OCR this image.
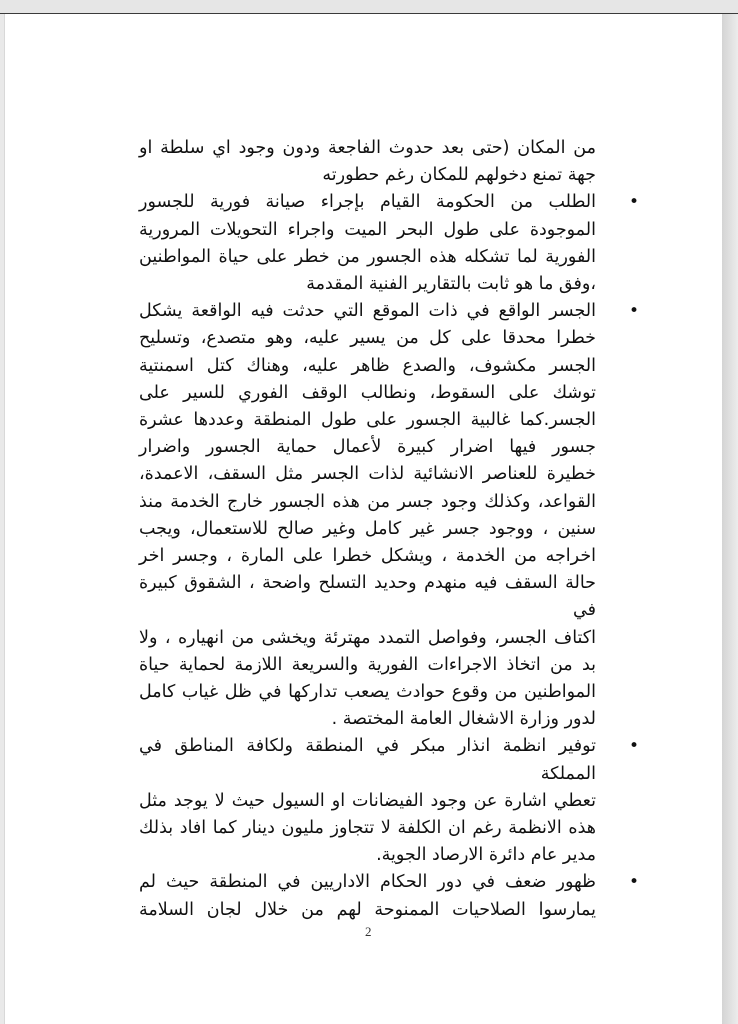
من المكان (حتى بعد حدوث الفاجعة ودون وجود اي سلطة او
جهة تمنع دخولهم للمكان رغم حطورته

•
الطلب من الحكومة القيام بإجراء صيانة فورية للجسور
الموجودة على طول البحر الميت واجراء التحويلات المرورية
الفورية لما تشكله هذه الجسور من خطر على حياة المواطنين
،وفق ما هو ثابت بالتقارير الفنية المقدمة
•
الجسر الواقع في ذات الموقع التي حدثت فيه الواقعة يشكل
خطرا محدقا على كل من يسير عليه، وهو متصدع، وتسليح
الجسر مكشوف، والصدع ظاهر عليه، وهناك كتل اسمنتية
توشك على السقوط، ونطالب الوقف الفوري للسير على
الجسر.كما غالبية الجسور على طول المنطقة وعددها عشرة
جسور فيها اضرار كبيرة لأعمال حماية الجسور واضرار
خطيرة للعناصر الانشائية لذات الجسر مثل السقف، الاعمدة،
القواعد، وكذلك وجود جسر من هذه الجسور خارج الخدمة منذ
سنين ، ووجود جسر غير كامل وغير صالح للاستعمال، ويجب
اخراجه من الخدمة ، ويشكل خطرا على المارة ، وجسر اخر
حالة السقف فيه منهدم وحديد التسلح واضحة ، الشقوق كبيرة في
اكتاف الجسر، وفواصل التمدد مهترئة ويخشى من انهياره ، ولا
بد من اتخاذ الاجراءات الفورية والسريعة اللازمة لحماية حياة
المواطنين من وقوع حوادث يصعب تداركها في ظل غياب كامل
لدور وزارة الاشغال العامة المختصة .
•
توفير انظمة انذار مبكر في المنطقة ولكافة المناطق في المملكة
تعطي اشارة عن وجود الفيضانات او السيول حيث لا يوجد مثل
هذه الانظمة رغم ان الكلفة لا تتجاوز مليون دينار كما افاد بذلك
مدير عام دائرة الارصاد الجوية.
•
ظهور ضعف في دور الحكام الاداريين في المنطقة حيث لم
يمارسوا الصلاحيات الممنوحة لهم من خلال لجان السلامة
2
